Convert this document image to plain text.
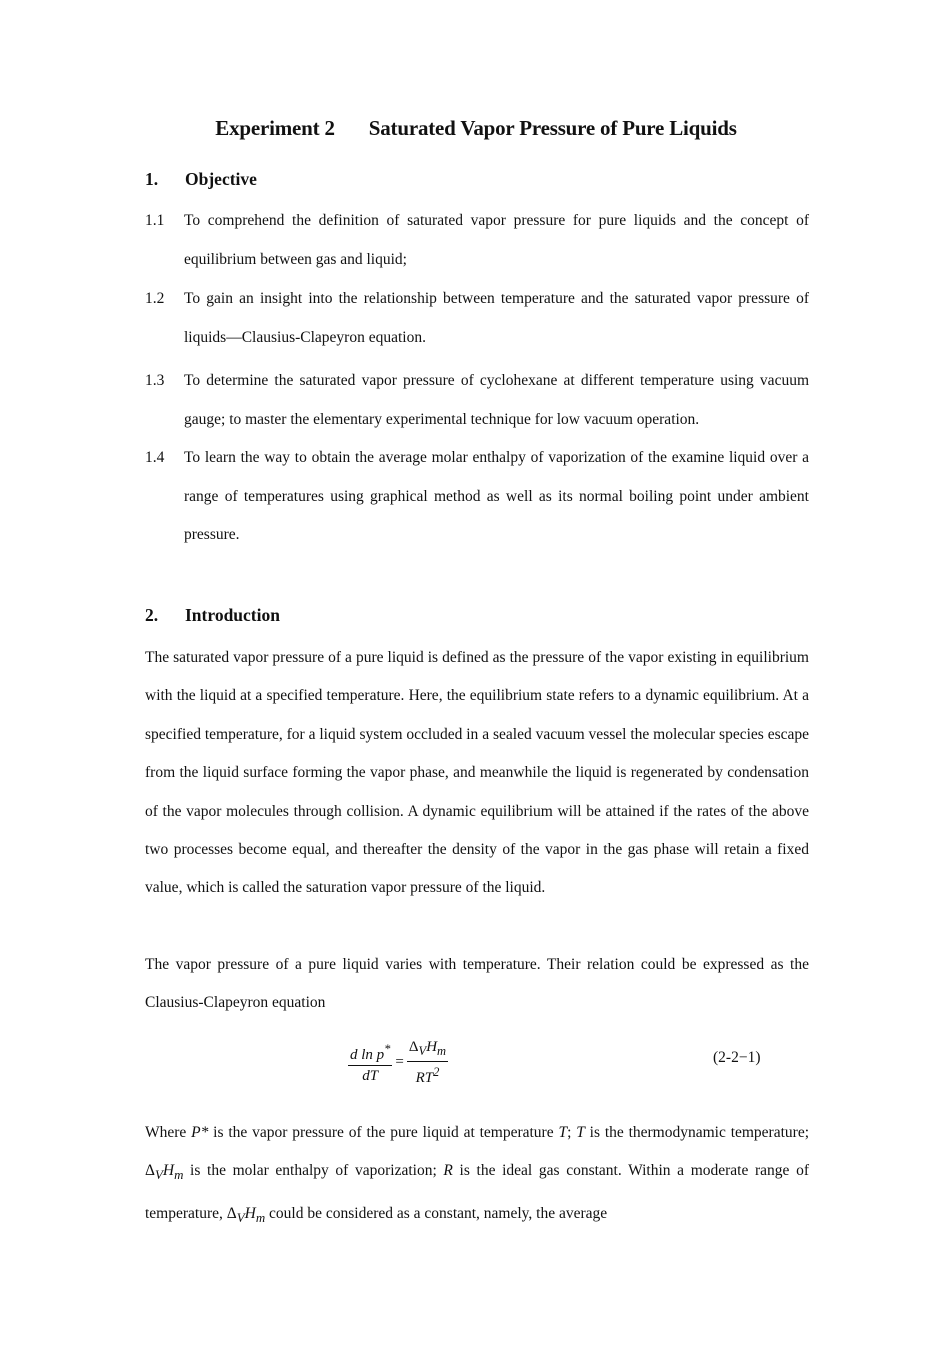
Experiment 2 Saturated Vapor Pressure of Pure Liquids
1. Objective
1.1 To comprehend the definition of saturated vapor pressure for pure liquids and the concept of equilibrium between gas and liquid;
1.2 To gain an insight into the relationship between temperature and the saturated vapor pressure of liquids—Clausius-Clapeyron equation.
1.3 To determine the saturated vapor pressure of cyclohexane at different temperature using vacuum gauge; to master the elementary experimental technique for low vacuum operation.
1.4 To learn the way to obtain the average molar enthalpy of vaporization of the examine liquid over a range of temperatures using graphical method as well as its normal boiling point under ambient pressure.
2. Introduction
The saturated vapor pressure of a pure liquid is defined as the pressure of the vapor existing in equilibrium with the liquid at a specified temperature. Here, the equilibrium state refers to a dynamic equilibrium. At a specified temperature, for a liquid system occluded in a sealed vacuum vessel the molecular species escape from the liquid surface forming the vapor phase, and meanwhile the liquid is regenerated by condensation of the vapor molecules through collision. A dynamic equilibrium will be attained if the rates of the above two processes become equal, and thereafter the density of the vapor in the gas phase will retain a fixed value, which is called the saturation vapor pressure of the liquid.
The vapor pressure of a pure liquid varies with temperature. Their relation could be expressed as the Clausius-Clapeyron equation
$\frac{d \ln p^*}{dT} = \frac{\Delta_VH_m}{RT^2}$	(2-2−1)
Where P* is the vapor pressure of the pure liquid at temperature T; T is the thermodynamic temperature; $\Delta_VH_m$ is the molar enthalpy of vaporization; R is the ideal gas constant. Within a moderate range of temperature, $\Delta_VH_m$ could be considered as a constant, namely, the average
